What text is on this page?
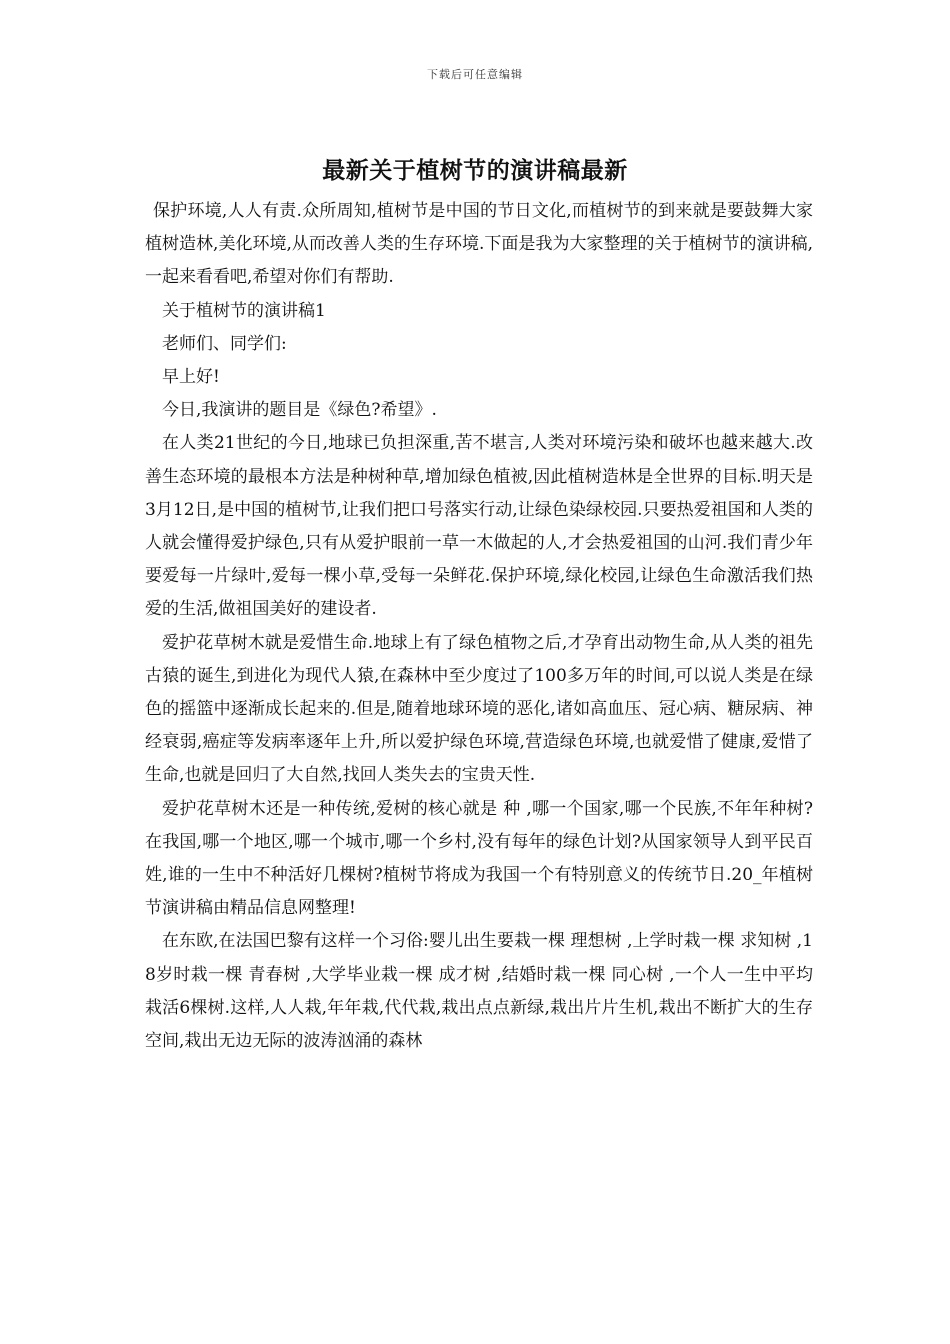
下载后可任意编辑
最新关于植树节的演讲稿最新

保护环境,人人有责.众所周知,植树节是中国的节日文化,而植树节的到来就是要鼓舞大家植树造林,美化环境,从而改善人类的生存环境.下面是我为大家整理的关于植树节的演讲稿,一起来看看吧,希望对你们有帮助.

关于植树节的演讲稿1

老师们、同学们:

早上好!

今日,我演讲的题目是《绿色?希望》.

在人类21世纪的今日,地球已负担深重,苦不堪言,人类对环境污染和破坏也越来越大.改善生态环境的最根本方法是种树种草,增加绿色植被,因此植树造林是全世界的目标.明天是3月12日,是中国的植树节,让我们把口号落实行动,让绿色染绿校园.只要热爱祖国和人类的人就会懂得爱护绿色,只有从爱护眼前一草一木做起的人,才会热爱祖国的山河.我们青少年要爱每一片绿叶,爱每一棵小草,受每一朵鲜花.保护环境,绿化校园,让绿色生命激活我们热爱的生活,做祖国美好的建设者.

爱护花草树木就是爱惜生命.地球上有了绿色植物之后,才孕育出动物生命,从人类的祖先古猿的诞生,到进化为现代人猿,在森林中至少度过了100多万年的时间,可以说人类是在绿色的摇篮中逐渐成长起来的.但是,随着地球环境的恶化,诸如高血压、冠心病、糖尿病、神经衰弱,癌症等发病率逐年上升,所以爱护绿色环境,营造绿色环境,也就爱惜了健康,爱惜了生命,也就是回归了大自然,找回人类失去的宝贵天性.

爱护花草树木还是一种传统,爱树的核心就是 种 ,哪一个国家,哪一个民族,不年年种树?在我国,哪一个地区,哪一个城市,哪一个乡村,没有每年的绿色计划?从国家领导人到平民百姓,谁的一生中不种活好几棵树?植树节将成为我国一个有特别意义的传统节日.20_年植树节演讲稿由精品信息网整理!

在东欧,在法国巴黎有这样一个习俗:婴儿出生要栽一棵 理想树 ,上学时栽一棵 求知树 ,18岁时栽一棵 青春树 ,大学毕业栽一棵 成才树 ,结婚时栽一棵 同心树 ,一个人一生中平均栽活6棵树.这样,人人栽,年年栽,代代栽,栽出点点新绿,栽出片片生机,栽出不断扩大的生存空间,栽出无边无际的波涛汹涌的森林
